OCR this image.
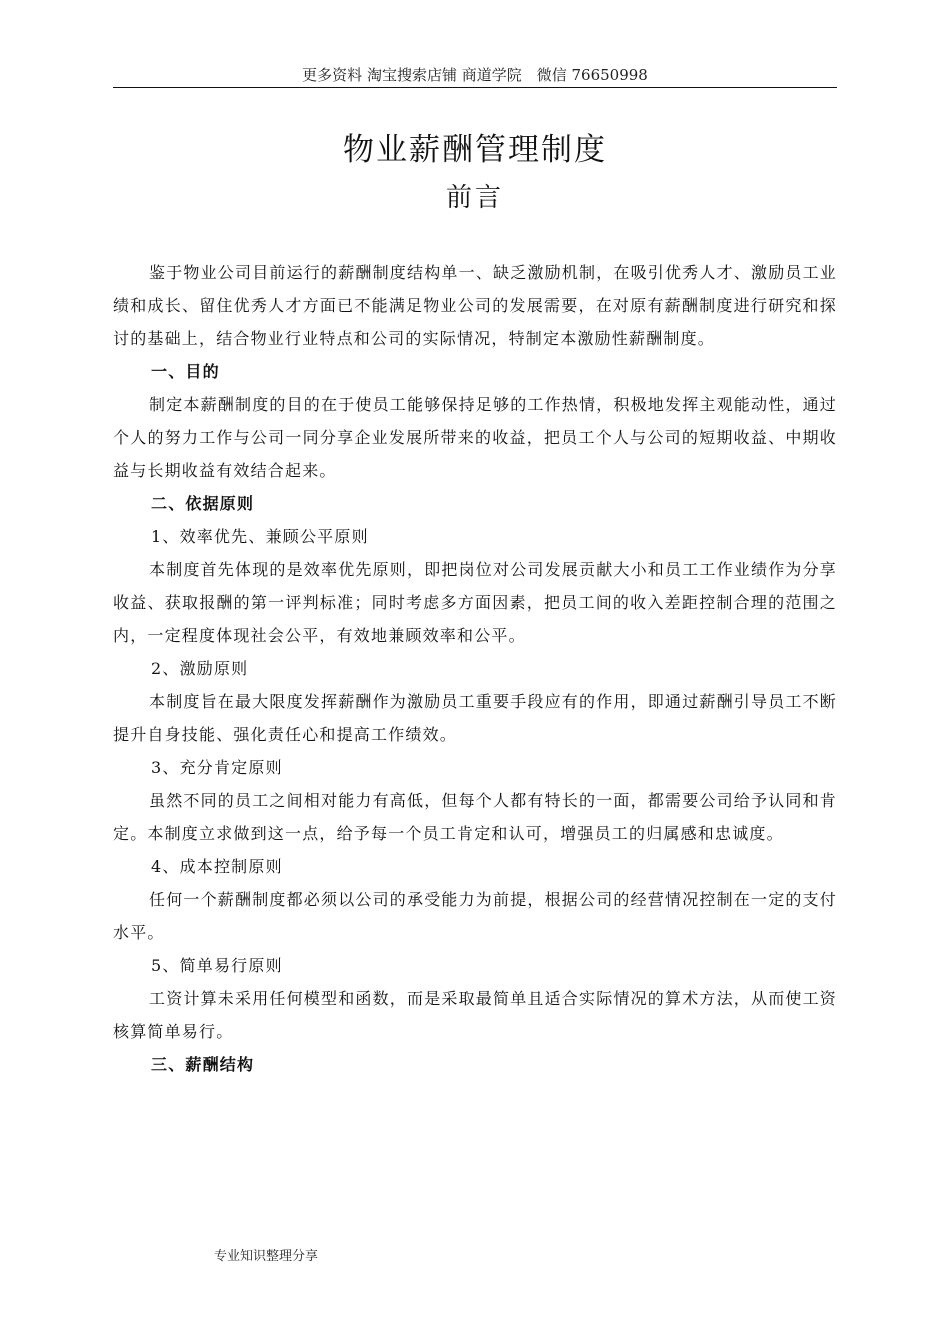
更多资料 淘宝搜索店铺 商道学院　微信 76650998
物业薪酬管理制度
前言

鉴于物业公司目前运行的薪酬制度结构单一、缺乏激励机制，在吸引优秀人才、激励员工业绩和成长、留住优秀人才方面已不能满足物业公司的发展需要，在对原有薪酬制度进行研究和探讨的基础上，结合物业行业特点和公司的实际情况，特制定本激励性薪酬制度。

一、目的

制定本薪酬制度的目的在于使员工能够保持足够的工作热情，积极地发挥主观能动性，通过个人的努力工作与公司一同分享企业发展所带来的收益，把员工个人与公司的短期收益、中期收益与长期收益有效结合起来。

二、依据原则

1、效率优先、兼顾公平原则

本制度首先体现的是效率优先原则，即把岗位对公司发展贡献大小和员工工作业绩作为分享收益、获取报酬的第一评判标准；同时考虑多方面因素，把员工间的收入差距控制合理的范围之内，一定程度体现社会公平，有效地兼顾效率和公平。

2、激励原则

本制度旨在最大限度发挥薪酬作为激励员工重要手段应有的作用，即通过薪酬引导员工不断提升自身技能、强化责任心和提高工作绩效。

3、充分肯定原则

虽然不同的员工之间相对能力有高低，但每个人都有特长的一面，都需要公司给予认同和肯定。本制度立求做到这一点，给予每一个员工肯定和认可，增强员工的归属感和忠诚度。

4、成本控制原则

任何一个薪酬制度都必须以公司的承受能力为前提，根据公司的经营情况控制在一定的支付水平。

5、简单易行原则

工资计算未采用任何模型和函数，而是采取最简单且适合实际情况的算术方法，从而使工资核算简单易行。

三、薪酬结构

专业知识整理分享
